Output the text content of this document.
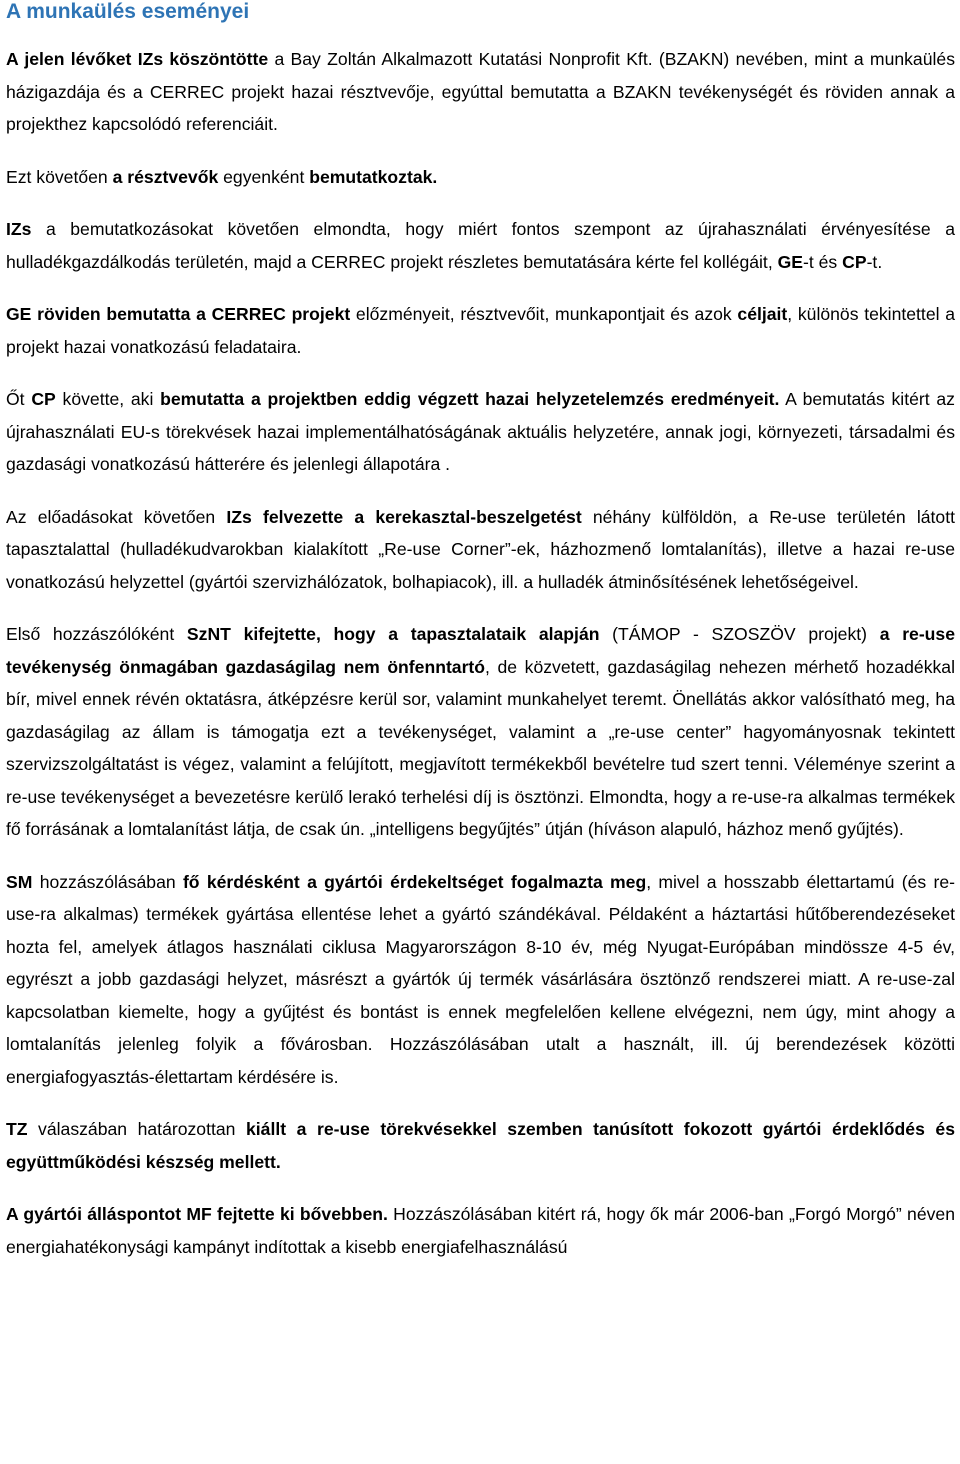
A munkaülés eseményei

A jelen lévőket IZs köszöntötte a Bay Zoltán Alkalmazott Kutatási Nonprofit Kft. (BZAKN) nevében, mint a munkaülés házigazdája és a CERREC projekt hazai résztvevője, egyúttal bemutatta a BZAKN tevékenységét és röviden annak a projekthez kapcsolódó referenciáit.

Ezt követően a résztvevők egyenként bemutatkoztak.

IZs a bemutatkozásokat követően elmondta, hogy miért fontos szempont az újrahasználati érvényesítése a hulladékgazdálkodás területén, majd a CERREC projekt részletes bemutatására kérte fel kollégáit, GE-t és CP-t.

GE röviden bemutatta a CERREC projekt előzményeit, résztvevőit, munkapontjait és azok céljait, különös tekintettel a projekt hazai vonatkozású feladataira.

Őt CP követte, aki bemutatta a projektben eddig végzett hazai helyzetelemzés eredményeit. A bemutatás kitért az újrahasználati EU-s törekvések hazai implementálhatóságának aktuális helyzetére, annak jogi, környezeti, társadalmi és gazdasági vonatkozású hátterére és jelenlegi állapotára .

Az előadásokat követően IZs felvezette a kerekasztal-beszelgetést néhány külföldön, a Re-use területén látott tapasztalattal (hulladékudvarokban kialakított „Re-use Corner”-ek, házhozmenő lomtalanítás), illetve a hazai re-use vonatkozású helyzettel (gyártói szervizhálózatok, bolhapiacok), ill. a hulladék átminősítésének lehetőségeivel.

Első hozzászólóként SzNT kifejtette, hogy a tapasztalataik alapján (TÁMOP - SZOSZÖV projekt) a re-use tevékenység önmagában gazdaságilag nem önfenntartó, de közvetett, gazdaságilag nehezen mérhető hozadékkal bír, mivel ennek révén oktatásra, átképzésre kerül sor, valamint munkahelyet teremt. Önellátás akkor valósítható meg, ha gazdaságilag az állam is támogatja ezt a tevékenységet, valamint a „re-use center” hagyományosnak tekintett szervizszolgáltatást is végez, valamint a felújított, megjavított termékekből bevételre tud szert tenni. Véleménye szerint a re-use tevékenységet a bevezetésre kerülő lerakó terhelési díj is ösztönzi. Elmondta, hogy a re-use-ra alkalmas termékek fő forrásának a lomtalanítást látja, de csak ún. „intelligens begyűjtés” útján (híváson alapuló, házhoz menő gyűjtés).

SM hozzászólásában fő kérdésként a gyártói érdekeltséget fogalmazta meg, mivel a hosszabb élettartamú (és re-use-ra alkalmas) termékek gyártása ellentése lehet a gyártó szándékával. Példaként a háztartási hűtőberendezéseket hozta fel, amelyek átlagos használati ciklusa Magyarországon 8-10 év, még Nyugat-Európában mindössze 4-5 év, egyrészt a jobb gazdasági helyzet, másrészt a gyártók új termék vásárlására ösztönző rendszerei miatt. A re-use-zal kapcsolatban kiemelte, hogy a gyűjtést és bontást is ennek megfelelően kellene elvégezni, nem úgy, mint ahogy a lomtalanítás jelenleg folyik a fővárosban. Hozzászólásában utalt a használt, ill. új berendezések közötti energiafogyasztás-élettartam kérdésére is.

TZ válaszában határozottan kiállt a re-use törekvésekkel szemben tanúsított fokozott gyártói érdeklődés és együttműködési készség mellett.

A gyártói álláspontot MF fejtette ki bővebben. Hozzászólásában kitért rá, hogy ők már 2006-ban „Forgó Morgó” néven energiahatékonysági kampányt indítottak a kisebb energiafelhasználású
